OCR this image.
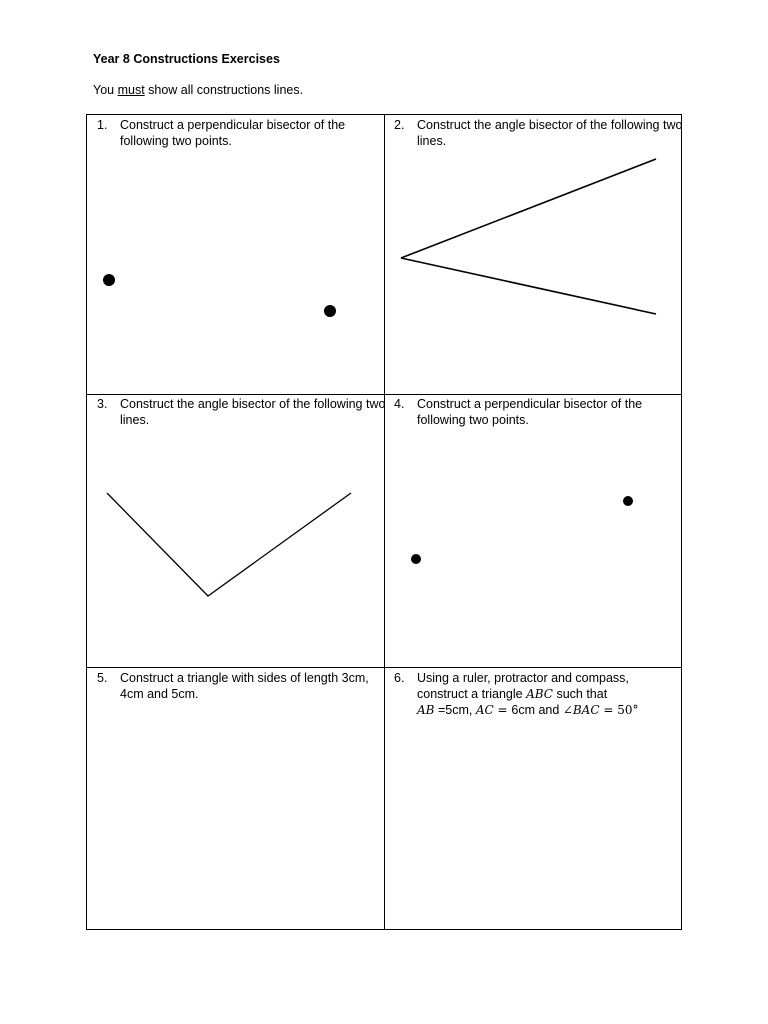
Year 8 Constructions Exercises
You must show all constructions lines.
1. Construct a perpendicular bisector of the following two points.
2. Construct the angle bisector of the following two lines.
3. Construct the angle bisector of the following two lines.
4. Construct a perpendicular bisector of the following two points.
5. Construct a triangle with sides of length 3cm, 4cm and 5cm.
6. Using a ruler, protractor and compass,
construct a triangle ABC such that
AB =5cm, AC = 6cm and ∠BAC = 50°
